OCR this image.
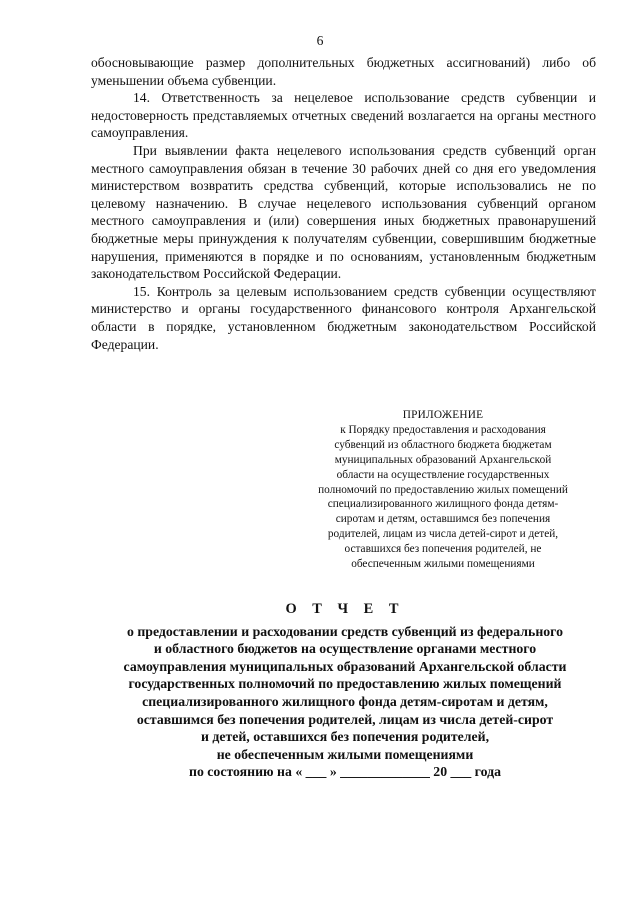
6

обосновывающие размер дополнительных бюджетных ассигнований) либо об уменьшении объема субвенции.

14. Ответственность за нецелевое использование средств субвенции и недостоверность представляемых отчетных сведений возлагается на органы местного самоуправления.

При выявлении факта нецелевого использования средств субвенций орган местного самоуправления обязан в течение 30 рабочих дней со дня его уведомления министерством возвратить средства субвенций, которые использовались не по целевому назначению. В случае нецелевого использования субвенций органом местного самоуправления и (или) совершения иных бюджетных правонарушений бюджетные меры принуждения к получателям субвенции, совершившим бюджетные нарушения, применяются в порядке и по основаниям, установленным бюджетным законодательством Российской Федерации.

15. Контроль за целевым использованием средств субвенции осуществляют министерство и органы государственного финансового контроля Архангельской области в порядке, установленном бюджетным законодательством Российской Федерации.

ПРИЛОЖЕНИЕ
к Порядку предоставления и расходования
субвенций из областного бюджета бюджетам
муниципальных образований Архангельской
области на осуществление государственных
полномочий по предоставлению жилых помещений
специализированного жилищного фонда детям-
сиротам и детям, оставшимся без попечения
родителей, лицам из числа детей-сирот и детей,
оставшихся без попечения родителей, не
обеспеченным жилыми помещениями
О Т Ч Е Т
о предоставлении и расходовании средств субвенций из федерального
и областного бюджетов на осуществление органами местного
самоуправления муниципальных образований Архангельской области
государственных полномочий по предоставлению жилых помещений
специализированного жилищного фонда детям-сиротам и детям,
оставшимся без попечения родителей, лицам из числа детей-сирот
и детей, оставшихся без попечения родителей,
не обеспеченным жилыми помещениями
по состоянию на « ___ » _____________ 20 ___ года
